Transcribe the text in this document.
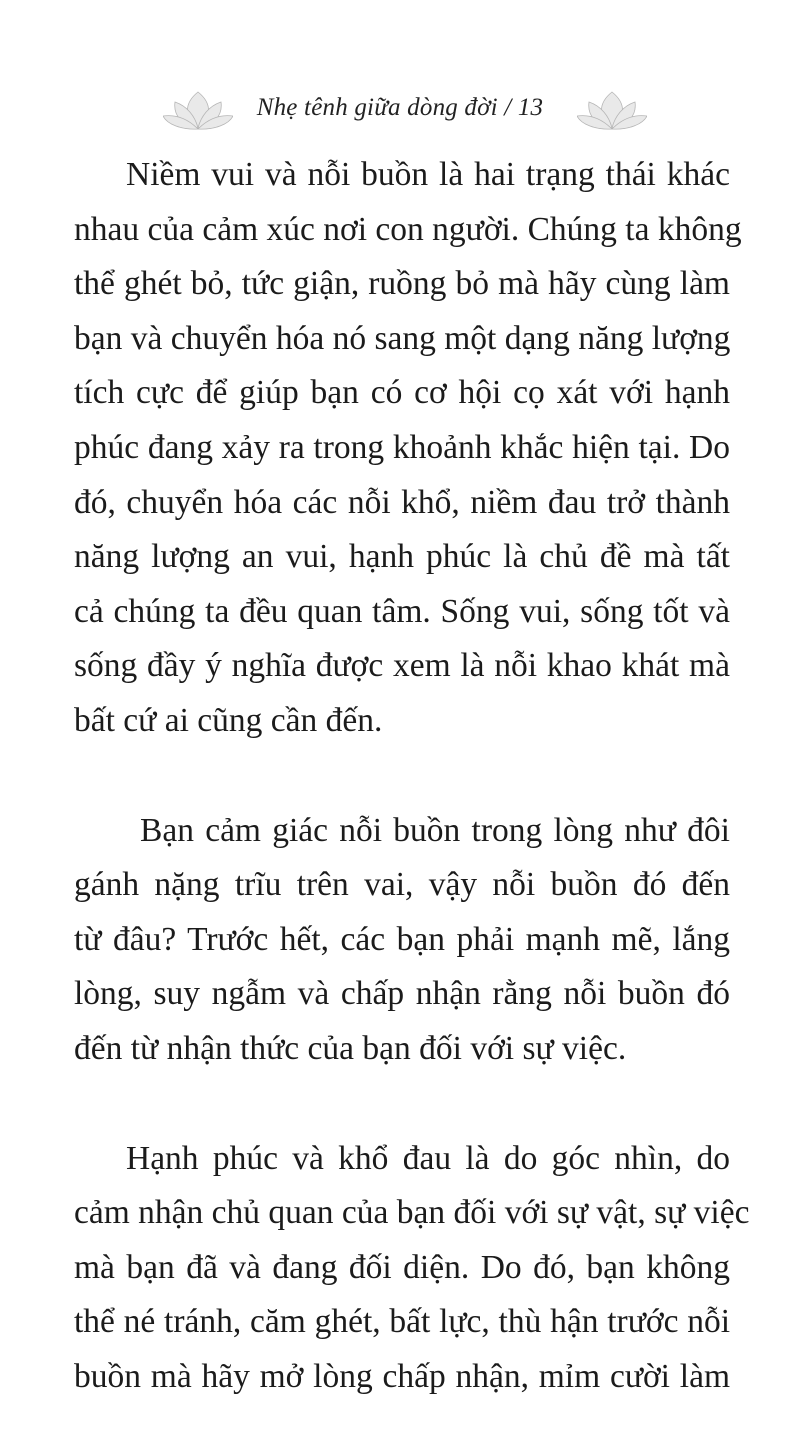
Nhẹ tênh giữa dòng đời / 13
Niềm vui và nỗi buồn là hai trạng thái khác
nhau của cảm xúc nơi con người. Chúng ta không
thể ghét bỏ, tức giận, ruồng bỏ mà hãy cùng làm
bạn và chuyển hóa nó sang một dạng năng lượng
tích cực để giúp bạn có cơ hội cọ xát với hạnh
phúc đang xảy ra trong khoảnh khắc hiện tại. Do
đó, chuyển hóa các nỗi khổ, niềm đau trở thành
năng lượng an vui, hạnh phúc là chủ đề mà tất
cả chúng ta đều quan tâm. Sống vui, sống tốt và
sống đầy ý nghĩa được xem là nỗi khao khát mà
bất cứ ai cũng cần đến.
Bạn cảm giác nỗi buồn trong lòng như đôi
gánh nặng trĩu trên vai, vậy nỗi buồn đó đến
từ đâu? Trước hết, các bạn phải mạnh mẽ, lắng
lòng, suy ngẫm và chấp nhận rằng nỗi buồn đó
đến từ nhận thức của bạn đối với sự việc.
Hạnh phúc và khổ đau là do góc nhìn, do
cảm nhận chủ quan của bạn đối với sự vật, sự việc
mà bạn đã và đang đối diện. Do đó, bạn không
thể né tránh, căm ghét, bất lực, thù hận trước nỗi
buồn mà hãy mở lòng chấp nhận, mỉm cười làm
